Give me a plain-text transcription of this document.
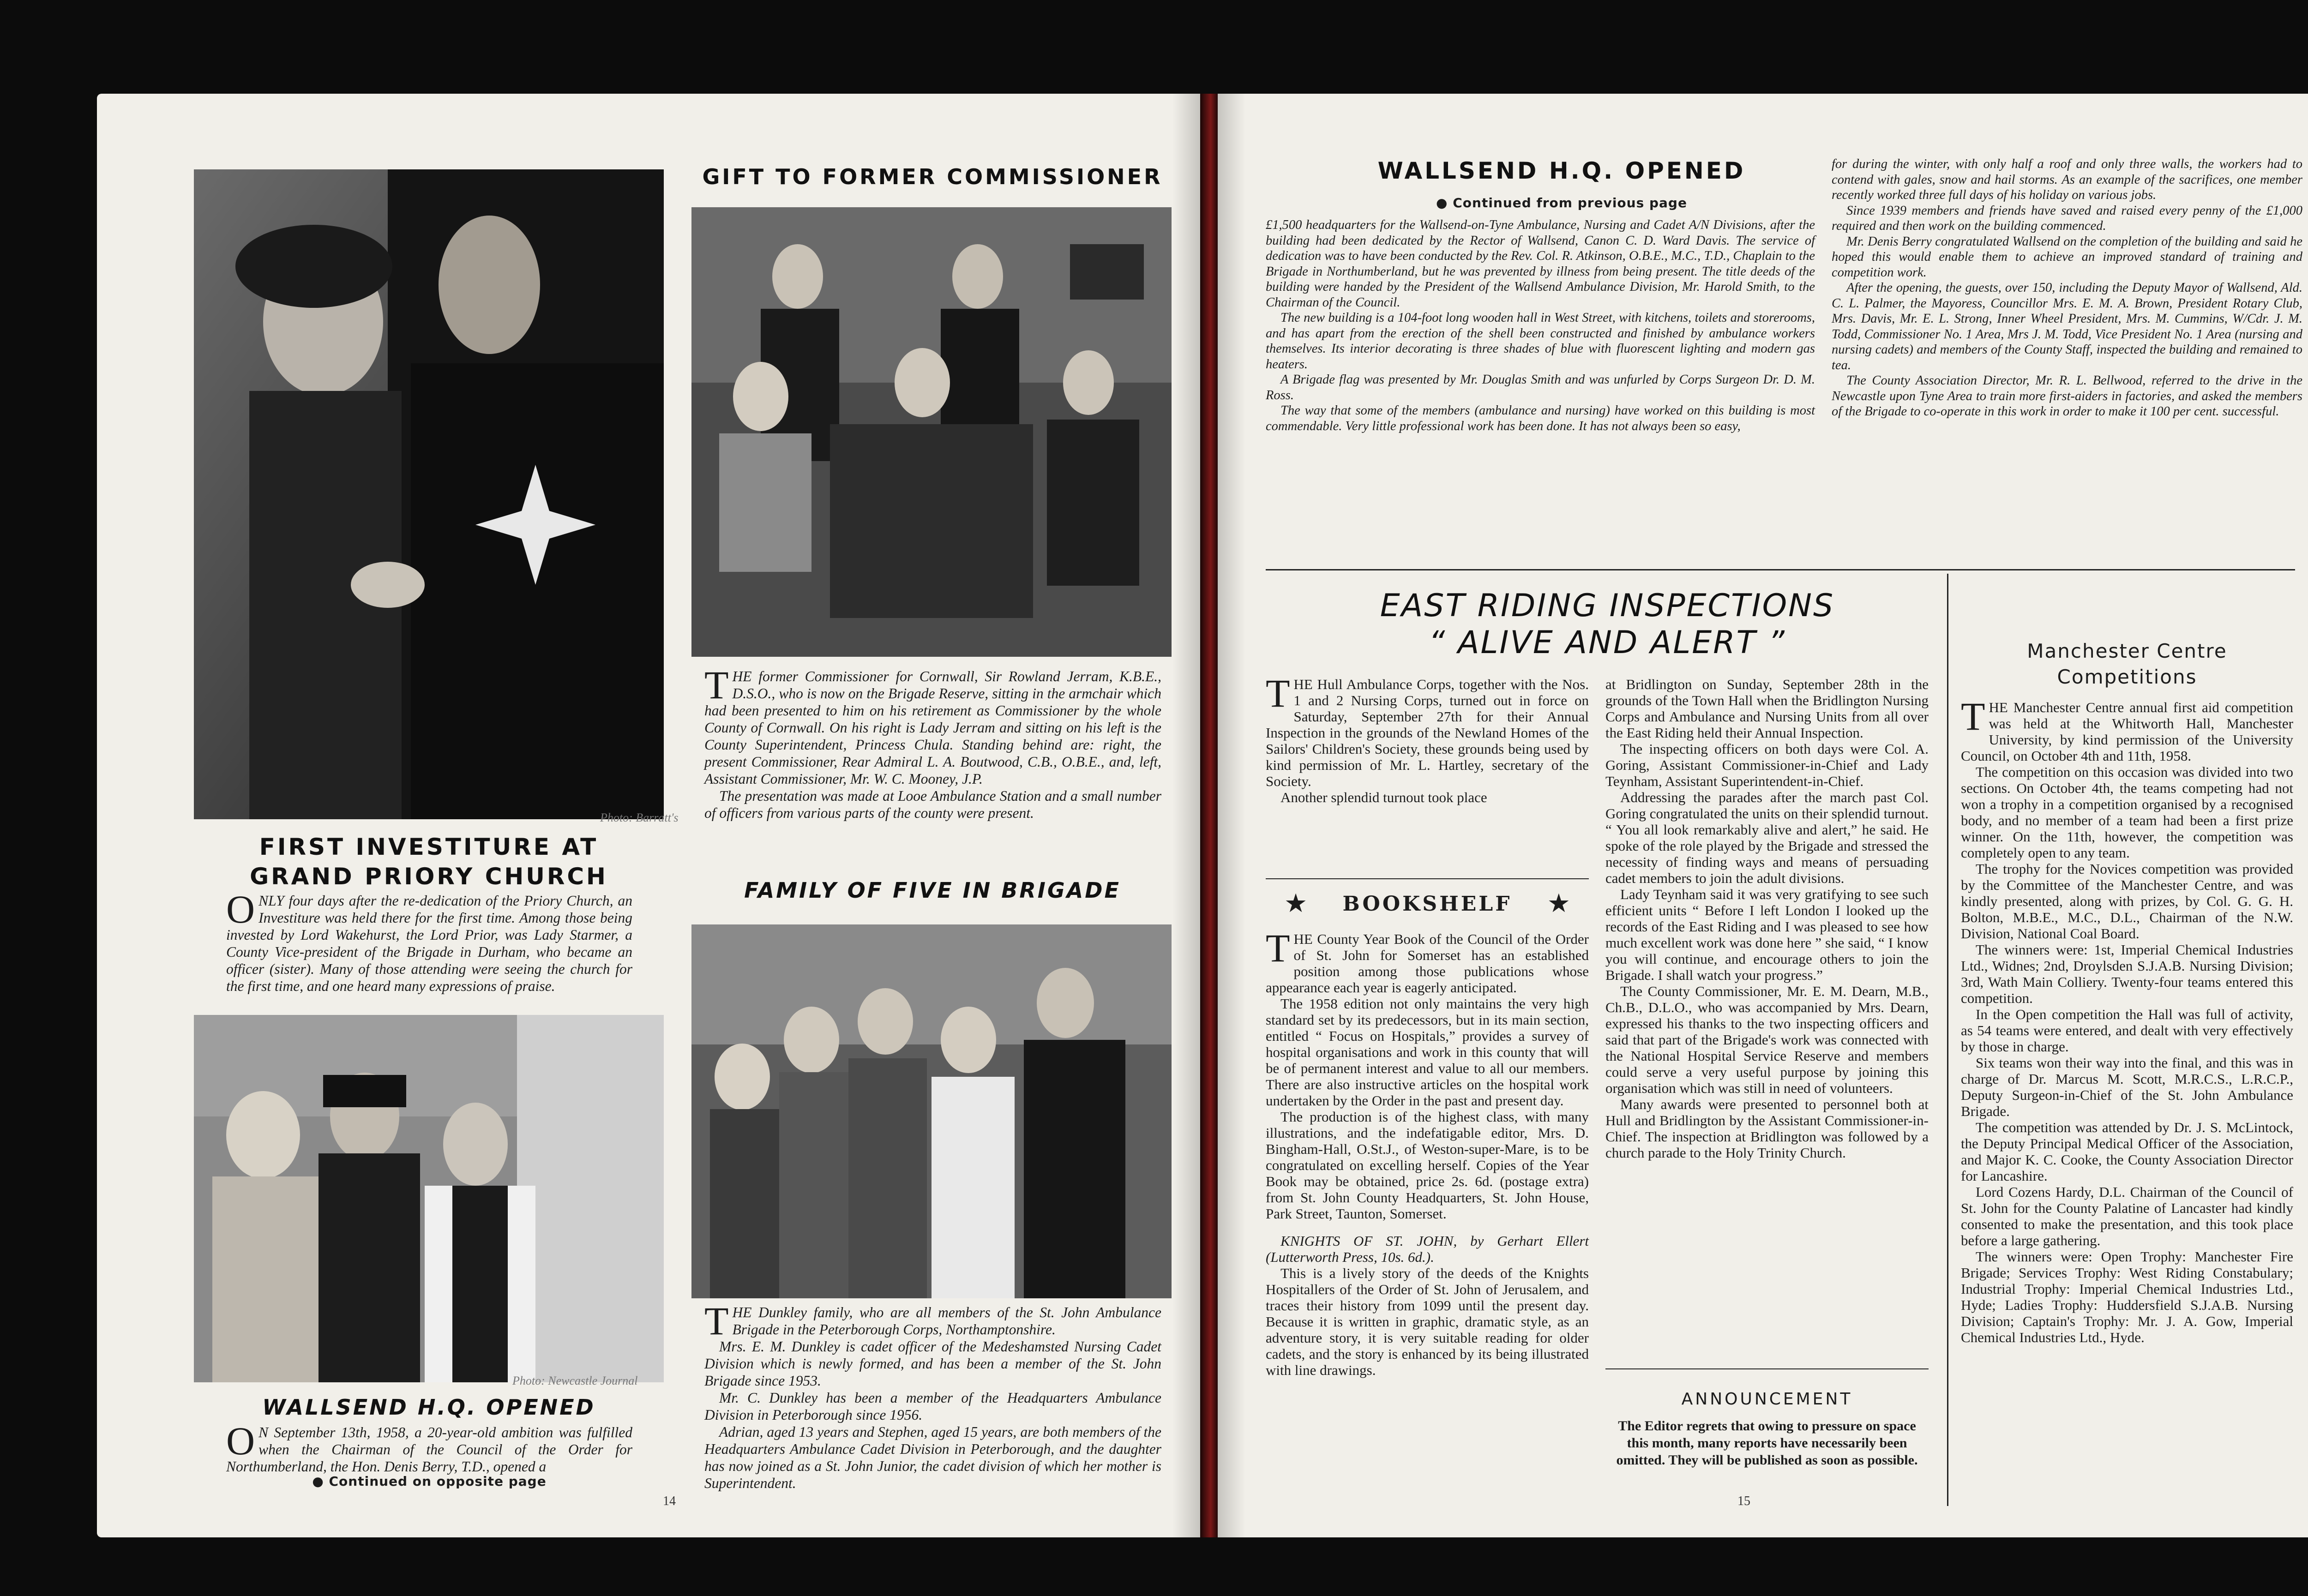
Photo: Barratt's
FIRST INVESTITURE AT
GRAND PRIORY CHURCH
ONLY four days after the re-dedication of the Priory Church, an Investiture was held there for the first time. Among those being invested by Lord Wakehurst, the Lord Prior, was Lady Starmer, a County Vice-president of the Brigade in Durham, who became an officer (sister). Many of those attending were seeing the church for the first time, and one heard many expressions of praise.
Photo: Newcastle Journal
WALLSEND H.Q. OPENED
O N September 13th, 1958, a 20-year-old ambition was fulfilled when the Chairman of the Council of the Order for Northumberland, the Hon. Denis Berry, T.D., opened a
● Continued on opposite page
GIFT TO FORMER COMMISSIONER

THE former Commissioner for Cornwall, Sir Rowland Jerram, K.B.E., D.S.O., who is now on the Brigade Reserve, sitting in the armchair which had been presented to him on his retirement as Commissioner by the whole County of Cornwall. On his right is Lady Jerram and sitting on his left is the County Superintendent, Princess Chula. Standing behind are: right, the present Commissioner, Rear Admiral L. A. Boutwood, C.B., O.B.E., and, left, Assistant Commissioner, Mr. W. C. Mooney, J.P.

The presentation was made at Looe Ambulance Station and a small number of officers from various parts of the county were present.

FAMILY OF FIVE IN BRIGADE

THE Dunkley family, who are all members of the St. John Ambulance Brigade in the Peterborough Corps, Northamptonshire.

Mrs. E. M. Dunkley is cadet officer of the Medeshamsted Nursing Cadet Division which is newly formed, and has been a member of the St. John Brigade since 1953.

Mr. C. Dunkley has been a member of the Headquarters Ambulance Division in Peterborough since 1956.

Adrian, aged 13 years and Stephen, aged 15 years, are both members of the Headquarters Ambulance Cadet Division in Peterborough, and the daughter has now joined as a St. John Junior, the cadet division of which her mother is Superintendent.

14
WALLSEND H.Q. OPENED
● Continued from previous page

£1,500 headquarters for the Wallsend-on-Tyne Ambulance, Nursing and Cadet A/N Divisions, after the building had been dedicated by the Rector of Wallsend, Canon C. D. Ward Davis. The service of dedication was to have been conducted by the Rev. Col. R. Atkinson, O.B.E., M.C., T.D., Chaplain to the Brigade in Northumberland, but he was prevented by illness from being present. The title deeds of the building were handed by the President of the Wallsend Ambulance Division, Mr. Harold Smith, to the Chairman of the Council.

The new building is a 104-foot long wooden hall in West Street, with kitchens, toilets and storerooms, and has apart from the erection of the shell been constructed and finished by ambulance workers themselves. Its interior decorating is three shades of blue with fluorescent lighting and modern gas heaters.

A Brigade flag was presented by Mr. Douglas Smith and was unfurled by Corps Surgeon Dr. D. M. Ross.

The way that some of the members (ambulance and nursing) have worked on this building is most commendable. Very little professional work has been done. It has not always been so easy,

for during the winter, with only half a roof and only three walls, the workers had to contend with gales, snow and hail storms. As an example of the sacrifices, one member recently worked three full days of his holiday on various jobs.

Since 1939 members and friends have saved and raised every penny of the £1,000 required and then work on the building commenced.

Mr. Denis Berry congratulated Wallsend on the completion of the building and said he hoped this would enable them to achieve an improved standard of training and competition work.

After the opening, the guests, over 150, including the Deputy Mayor of Wallsend, Ald. C. L. Palmer, the Mayoress, Councillor Mrs. E. M. A. Brown, President Rotary Club, Mrs. Davis, Mr. E. L. Strong, Inner Wheel President, Mrs. M. Cummins, W/Cdr. J. M. Todd, Commissioner No. 1 Area, Mrs J. M. Todd, Vice President No. 1 Area (nursing and nursing cadets) and members of the County Staff, inspected the building and remained to tea.

The County Association Director, Mr. R. L. Bellwood, referred to the drive in the Newcastle upon Tyne Area to train more first-aiders in factories, and asked the members of the Brigade to co-operate in this work in order to make it 100 per cent. successful.

EAST RIDING INSPECTIONS
“ ALIVE AND ALERT ”

THE Hull Ambulance Corps, together with the Nos. 1 and 2 Nursing Corps, turned out in force on Saturday, September 27th for their Annual Inspection in the grounds of the Newland Homes of the Sailors' Children's Society, these grounds being used by kind permission of Mr. L. Hartley, secretary of the Society.

Another splendid turnout took place

★	BOOKSHELF	★

THE County Year Book of the Council of the Order of St. John for Somerset has an established position among those publications whose appearance each year is eagerly anticipated.

The 1958 edition not only maintains the very high standard set by its predecessors, but in its main section, entitled “ Focus on Hospitals,” provides a survey of hospital organisations and work in this county that will be of permanent interest and value to all our members. There are also instructive articles on the hospital work undertaken by the Order in the past and present day.

The production is of the highest class, with many illustrations, and the indefatigable editor, Mrs. D. Bingham-Hall, O.St.J., of Weston-super-Mare, is to be congratulated on excelling herself. Copies of the Year Book may be obtained, price 2s. 6d. (postage extra) from St. John County Headquarters, St. John House, Park Street, Taunton, Somerset.

KNIGHTS OF ST. JOHN, by Gerhart Ellert (Lutterworth Press, 10s. 6d.).

This is a lively story of the deeds of the Knights Hospitallers of the Order of St. John of Jerusalem, and traces their history from 1099 until the present day. Because it is written in graphic, dramatic style, as an adventure story, it is very suitable reading for older cadets, and the story is enhanced by its being illustrated with line drawings.

at Bridlington on Sunday, September 28th in the grounds of the Town Hall when the Bridlington Nursing Corps and Ambulance and Nursing Units from all over the East Riding held their Annual Inspection.

The inspecting officers on both days were Col. A. Goring, Assistant Commissioner-in-Chief and Lady Teynham, Assistant Superintendent-in-Chief.

Addressing the parades after the march past Col. Goring congratulated the units on their splendid turnout. “ You all look remarkably alive and alert,” he said. He spoke of the role played by the Brigade and stressed the necessity of finding ways and means of persuading cadet members to join the adult divisions.

Lady Teynham said it was very gratifying to see such efficient units “ Before I left London I looked up the records of the East Riding and I was pleased to see how much excellent work was done here ” she said, “ I know you will continue, and encourage others to join the Brigade. I shall watch your progress.”

The County Commissioner, Mr. E. M. Dearn, M.B., Ch.B., D.L.O., who was accompanied by Mrs. Dearn, expressed his thanks to the two inspecting officers and said that part of the Brigade's work was connected with the National Hospital Service Reserve and members could serve a very useful purpose by joining this organisation which was still in need of volunteers.

Many awards were presented to personnel both at Hull and Bridlington by the Assistant Commissioner-in-Chief. The inspection at Bridlington was followed by a church parade to the Holy Trinity Church.

ANNOUNCEMENT
The Editor regrets that owing to pressure on space this month, many reports have necessarily been omitted. They will be published as soon as possible.
Manchester Centre
Competitions

THE Manchester Centre annual first aid competition was held at the Whitworth Hall, Manchester University, by kind permission of the University Council, on October 4th and 11th, 1958.

The competition on this occasion was divided into two sections. On October 4th, the teams competing had not won a trophy in a competition organised by a recognised body, and no member of a team had been a first prize winner. On the 11th, however, the competition was completely open to any team.

The trophy for the Novices competition was provided by the Committee of the Manchester Centre, and was kindly presented, along with prizes, by Col. G. G. H. Bolton, M.B.E., M.C., D.L., Chairman of the N.W. Division, National Coal Board.

The winners were: 1st, Imperial Chemical Industries Ltd., Widnes; 2nd, Droylsden S.J.A.B. Nursing Division; 3rd, Wath Main Colliery. Twenty-four teams entered this competition.

In the Open competition the Hall was full of activity, as 54 teams were entered, and dealt with very effectively by those in charge.

Six teams won their way into the final, and this was in charge of Dr. Marcus M. Scott, M.R.C.S., L.R.C.P., Deputy Surgeon-in-Chief of the St. John Ambulance Brigade.

The competition was attended by Dr. J. S. McLintock, the Deputy Principal Medical Officer of the Association, and Major K. C. Cooke, the County Association Director for Lancashire.

Lord Cozens Hardy, D.L. Chairman of the Council of St. John for the County Palatine of Lancaster had kindly consented to make the presentation, and this took place before a large gathering.

The winners were: Open Trophy: Manchester Fire Brigade; Services Trophy: West Riding Constabulary; Industrial Trophy: Imperial Chemical Industries Ltd., Hyde; Ladies Trophy: Huddersfield S.J.A.B. Nursing Division; Captain's Trophy: Mr. J. A. Gow, Imperial Chemical Industries Ltd., Hyde.

15
